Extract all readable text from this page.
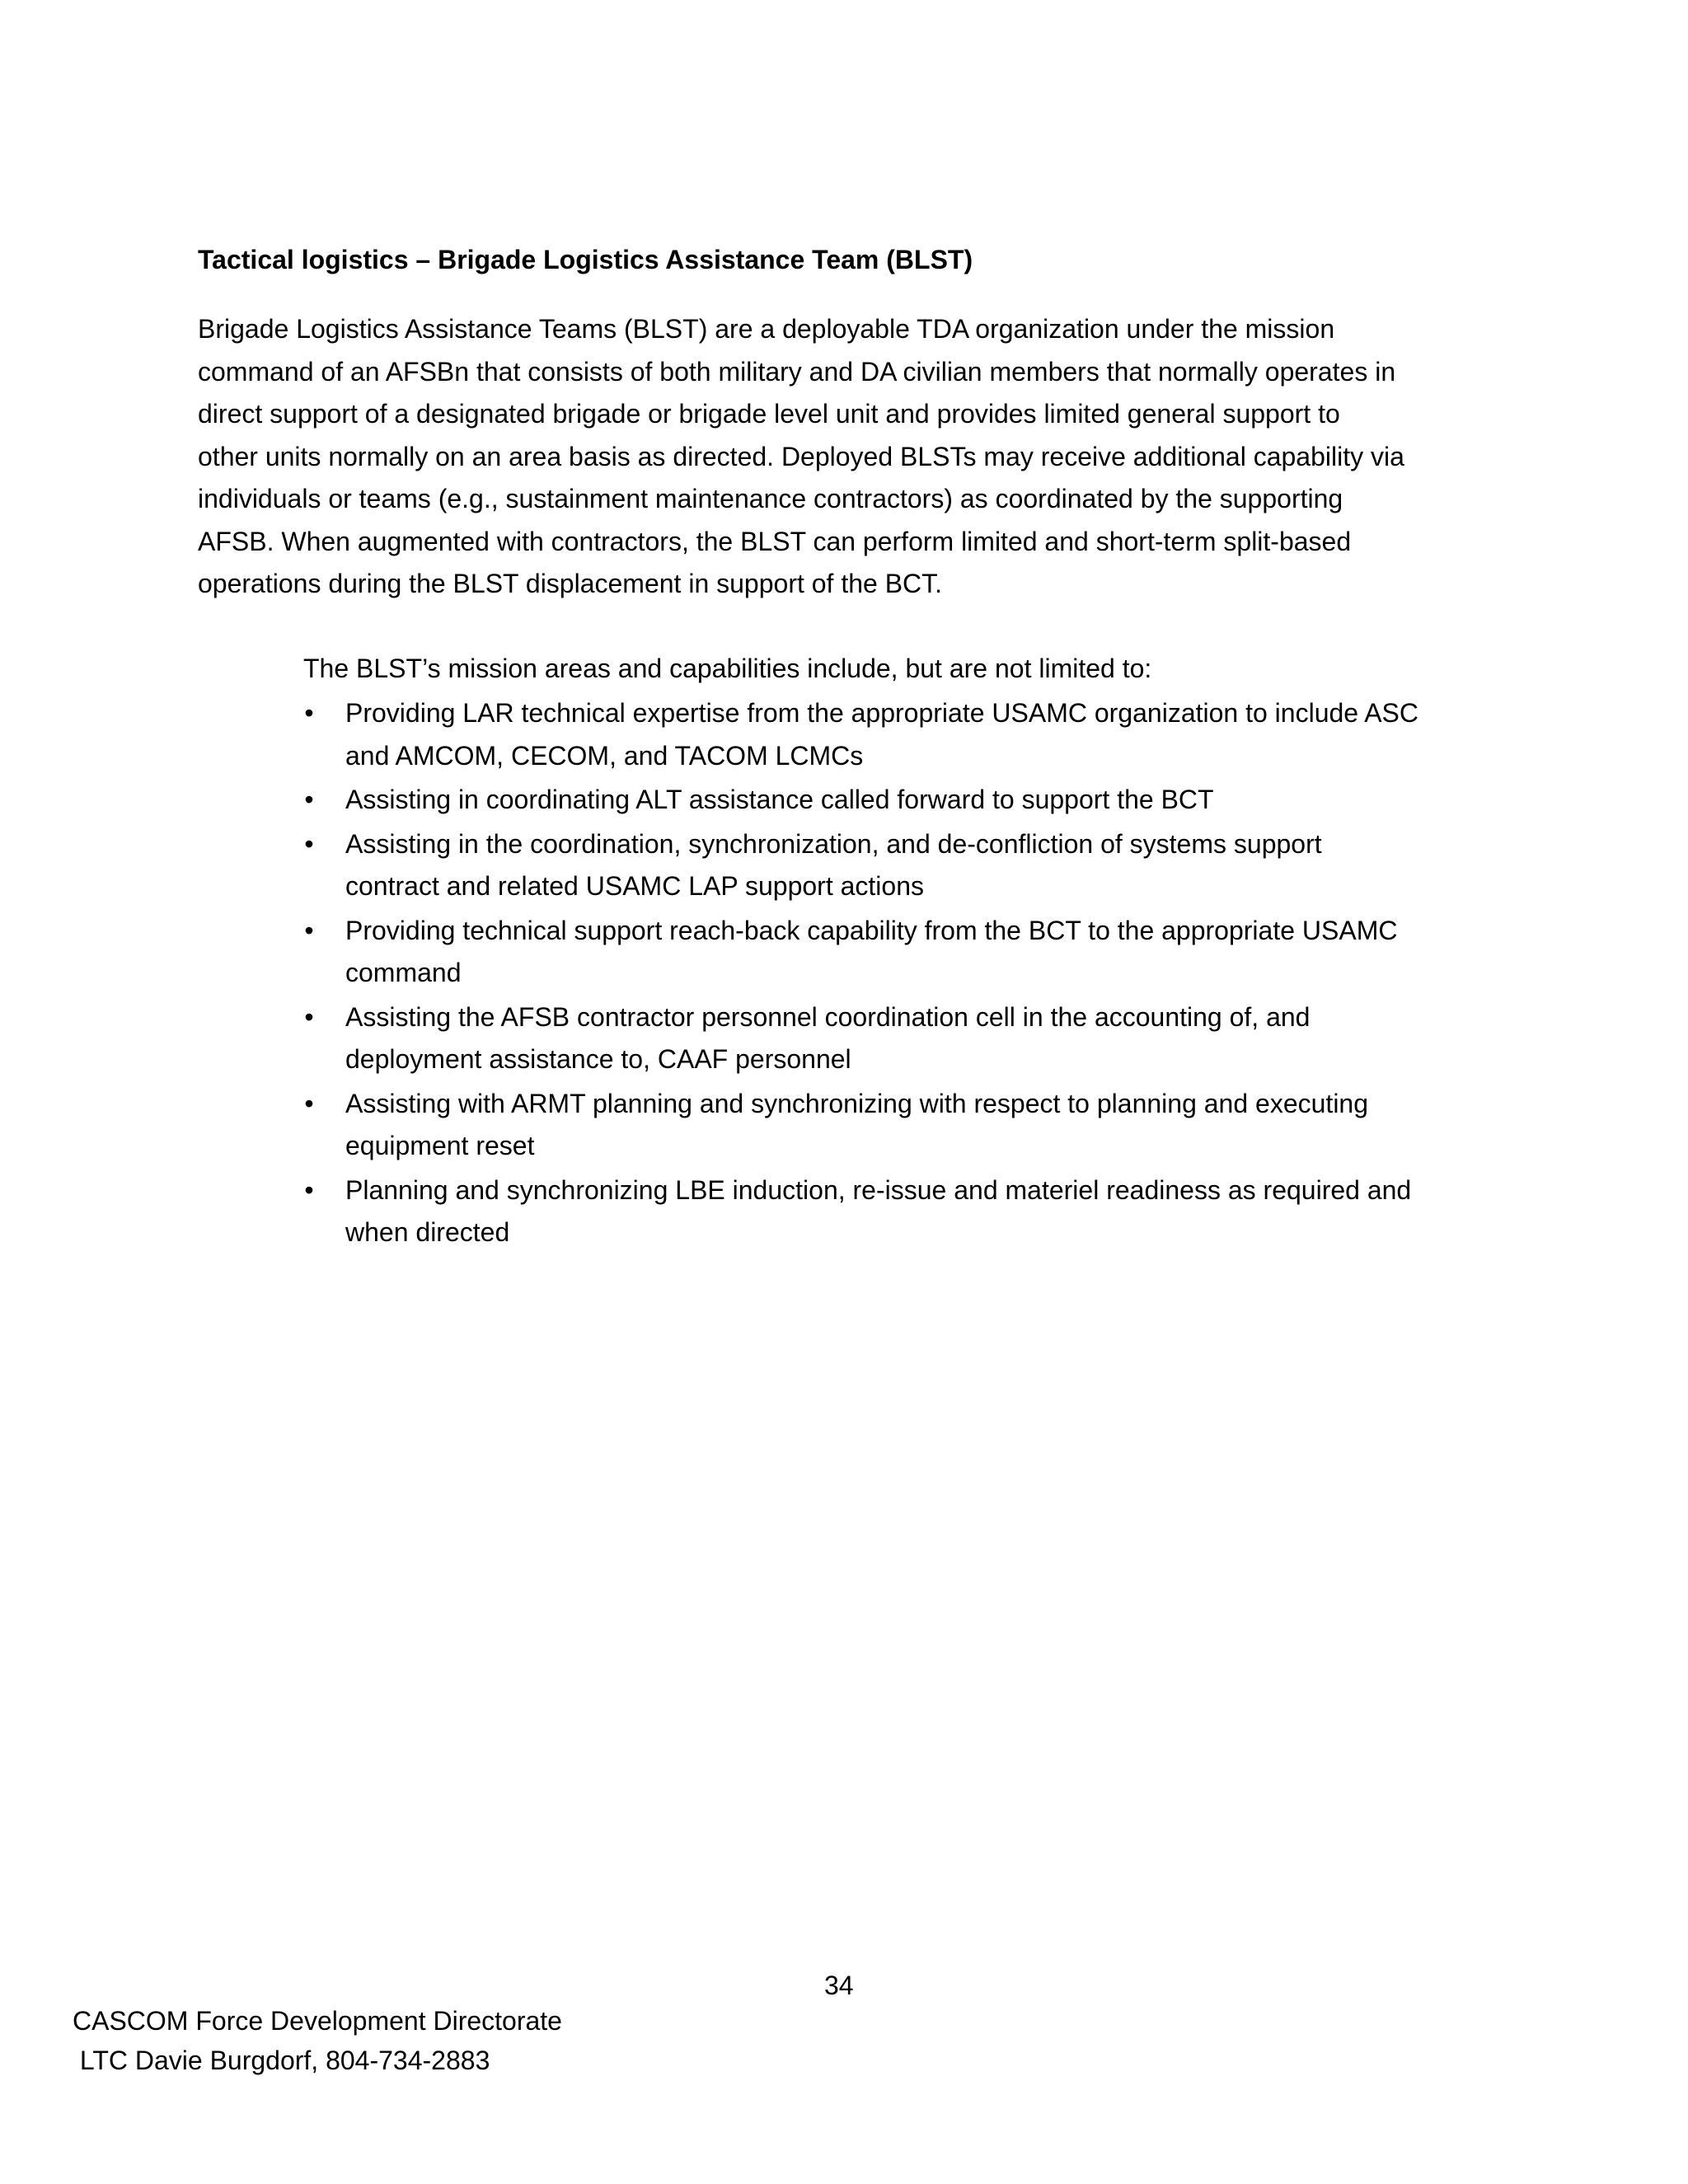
Tactical logistics – Brigade Logistics Assistance Team (BLST)

Brigade Logistics Assistance Teams (BLST) are a deployable TDA organization under the mission
command of an AFSBn that consists of both military and DA civilian members that normally operates in
direct support of a designated brigade or brigade level unit and provides limited general support to
other units normally on an area basis as directed. Deployed BLSTs may receive additional capability via
individuals or teams (e.g., sustainment maintenance contractors) as coordinated by the supporting
AFSB. When augmented with contractors, the BLST can perform limited and short-term split-based
operations during the BLST displacement in support of the BCT.

The BLST’s mission areas and capabilities include, but are not limited to:
• Providing LAR technical expertise from the appropriate USAMC organization to include ASC
and AMCOM, CECOM, and TACOM LCMCs
• Assisting in coordinating ALT assistance called forward to support the BCT
• Assisting in the coordination, synchronization, and de-confliction of systems support
contract and related USAMC LAP support actions
• Providing technical support reach-back capability from the BCT to the appropriate USAMC
command
• Assisting the AFSB contractor personnel coordination cell in the accounting of, and
deployment assistance to, CAAF personnel
• Assisting with ARMT planning and synchronizing with respect to planning and executing
equipment reset
• Planning and synchronizing LBE induction, re-issue and materiel readiness as required and
when directed
34
CASCOM Force Development Directorate
LTC Davie Burgdorf, 804-734-2883
